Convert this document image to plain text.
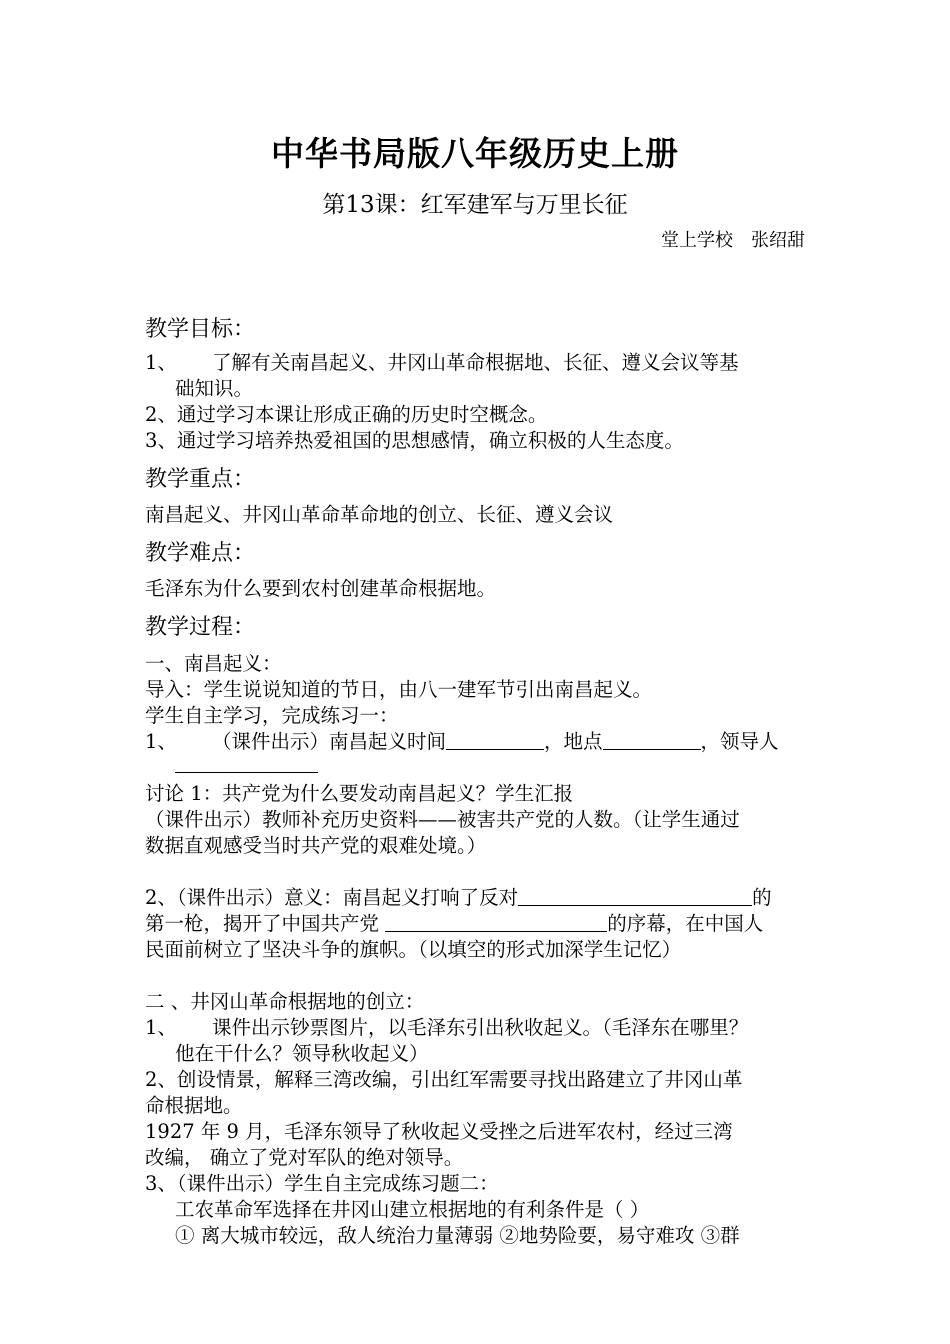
中华书局版八年级历史上册
第13课：红军建军与万里长征
堂上学校　张绍甜
教学目标：
1、 了解有关南昌起义、井冈山革命根据地、长征、遵义会议等基
础知识。
2、通过学习本课让形成正确的历史时空概念。
3、通过学习培养热爱祖国的思想感情，确立积极的人生态度。
教学重点：
南昌起义、井冈山革命革命地的创立、长征、遵义会议
教学难点：
毛泽东为什么要到农村创建革命根据地。
教学过程：
一、南昌起义：
导入：学生说说知道的节日，由八一建军节引出南昌起义。
学生自主学习，完成练习一：
1、 （课件出示）南昌起义时间	，地点	，领导人
讨论 1：共产党为什么要发动南昌起义？学生汇报
（课件出示）教师补充历史资料——被害共产党的人数。（让学生通过
数据直观感受当时共产党的艰难处境。）
2、（课件出示）意义：南昌起义打响了反对	的
第一枪，揭开了中国共产党	的序幕，在中国人
民面前树立了坚决斗争的旗帜。（以填空的形式加深学生记忆）
二 、井冈山革命根据地的创立：
1、 课件出示钞票图片，以毛泽东引出秋收起义。（毛泽东在哪里？
他在干什么？领导秋收起义）
2、创设情景，解释三湾改编，引出红军需要寻找出路建立了井冈山革
命根据地。
1927 年 9 月，毛泽东领导了秋收起义受挫之后进军农村，经过三湾
改编， 确立了党对军队的绝对领导。
3、（课件出示）学生自主完成练习题二：
工农革命军选择在井冈山建立根据地的有利条件是（ ）
① 离大城市较远，敌人统治力量薄弱 ②地势险要，易守难攻 ③群
